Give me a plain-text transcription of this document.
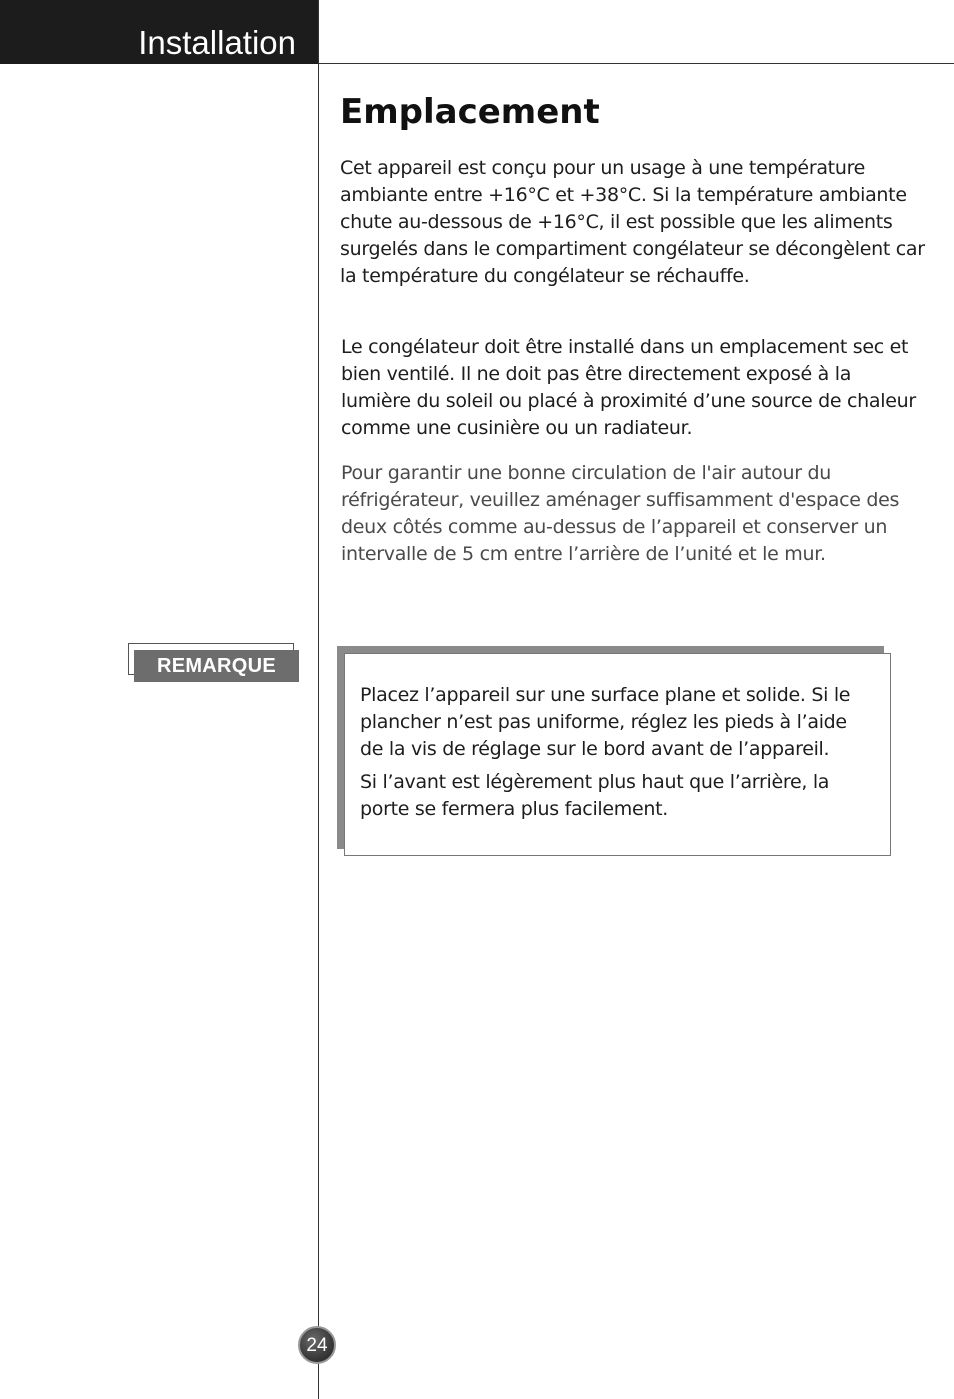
Installation
Emplacement

Cet appareil est conçu pour un usage à une température ambiante entre +16°C et +38°C. Si la température ambiante chute au-dessous de +16°C, il est possible que les aliments surgelés dans le compartiment congélateur se décongèlent car la température du congélateur se réchauffe.

Le congélateur doit être installé dans un emplacement sec et bien ventilé. Il ne doit pas être directement exposé à la lumière du soleil ou placé à proximité d’une source de chaleur comme une cusinière ou un radiateur.

Pour garantir une bonne circulation de l'air autour du réfrigérateur, veuillez aménager suffisamment d'espace des deux côtés comme au-dessus de l’appareil et conserver un intervalle de 5 cm entre l’arrière de l’unité et le mur.

REMARQUE

Placez l’appareil sur une surface plane et solide. Si le plancher n’est pas uniforme, réglez les pieds à l’aide de la vis de réglage sur le bord avant de l’appareil.

Si l’avant est légèrement plus haut que l’arrière, la porte se fermera plus facilement.

24
